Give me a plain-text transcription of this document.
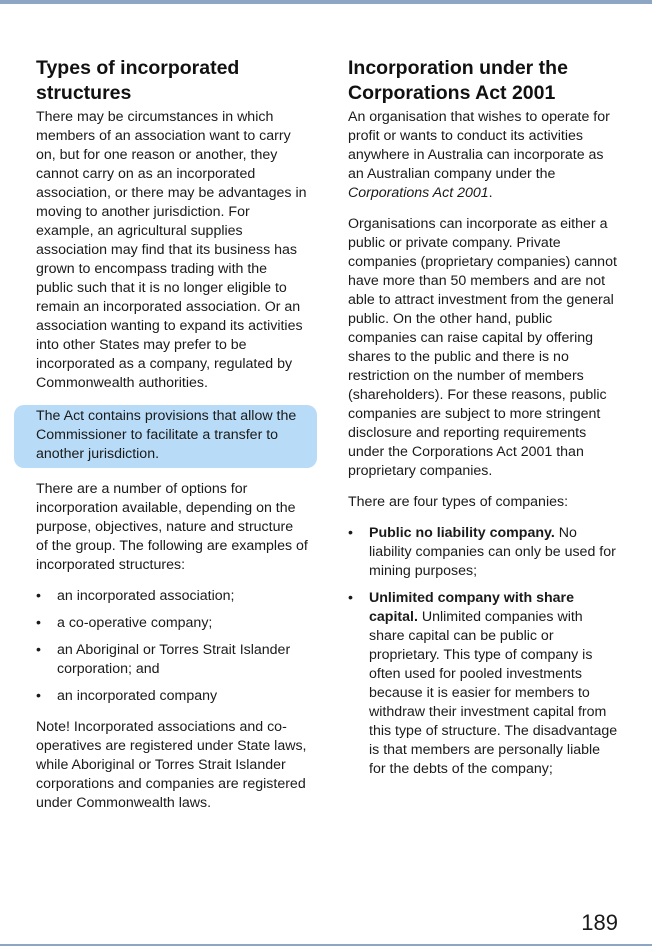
Types of incorporated structures

There may be circumstances in which members of an association want to carry on, but for one reason or another, they cannot carry on as an incorporated association, or there may be advantages in moving to another jurisdiction. For example, an agricultural supplies association may find that its business has grown to encompass trading with the public such that it is no longer eligible to remain an incorporated association. Or an association wanting to expand its activities into other States may prefer to be incorporated as a company, regulated by Commonwealth authorities.

The Act contains provisions that allow the Commissioner to facilitate a transfer to another jurisdiction.

There are a number of options for incorporation available, depending on the purpose, objectives, nature and structure of the group. The following are examples of incorporated structures:

• an incorporated association;
• a co-operative company;
• an Aboriginal or Torres Strait Islander corporation; and
• an incorporated company

Note! Incorporated associations and co-operatives are registered under State laws, while Aboriginal or Torres Strait Islander corporations and companies are registered under Commonwealth laws.

Incorporation under the Corporations Act 2001

An organisation that wishes to operate for profit or wants to conduct its activities anywhere in Australia can incorporate as an Australian company under the Corporations Act 2001.

Organisations can incorporate as either a public or private company. Private companies (proprietary companies) cannot have more than 50 members and are not able to attract investment from the general public. On the other hand, public companies can raise capital by offering shares to the public and there is no restriction on the number of members (shareholders). For these reasons, public companies are subject to more stringent disclosure and reporting requirements under the Corporations Act 2001 than proprietary companies.

There are four types of companies:

• Public no liability company. No liability companies can only be used for mining purposes;
• Unlimited company with share capital. Unlimited companies with share capital can be public or proprietary. This type of company is often used for pooled investments because it is easier for members to withdraw their investment capital from this type of structure. The disadvantage is that members are personally liable for the debts of the company;
189
